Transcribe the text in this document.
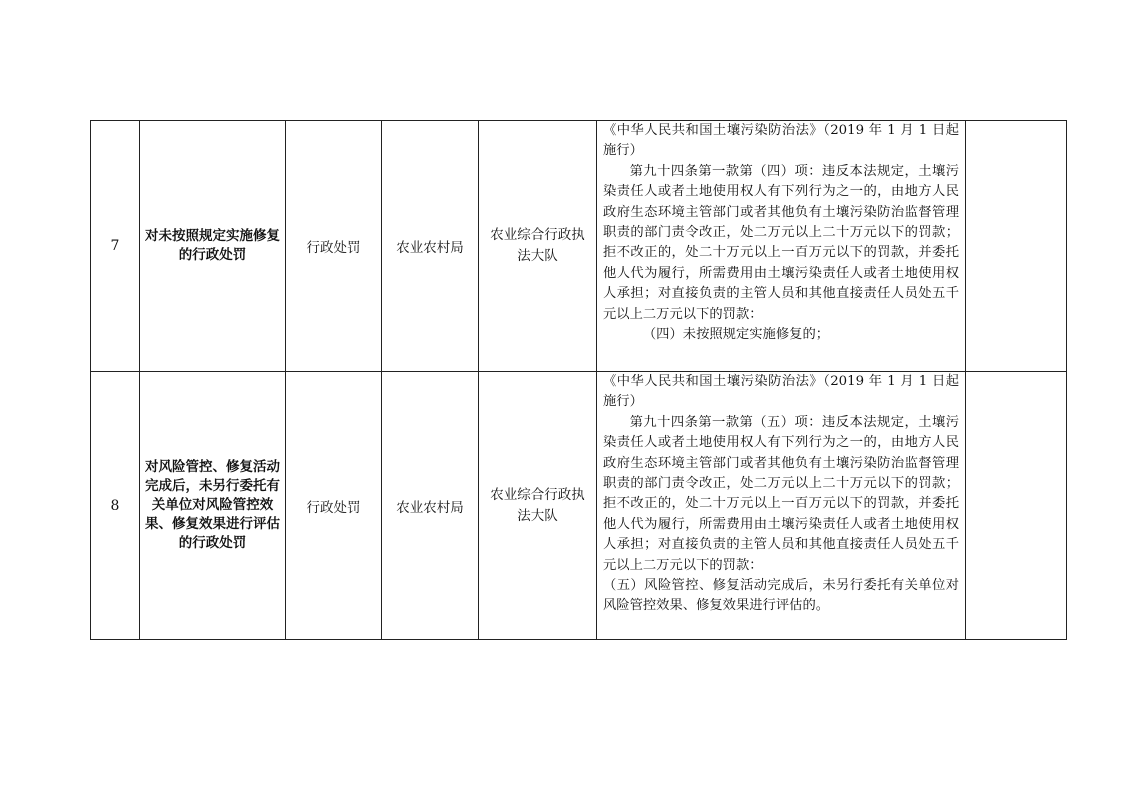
7	对未按照规定实施修复的行政处罚	行政处罚	农业农村局	农业综合行政执法大队	《中华人民共和国土壤污染防治法》（2019 年 1 月 1 日起施行）
第九十四条第一款第（四）项：违反本法规定，土壤污染责任人或者土地使用权人有下列行为之一的，由地方人民政府生态环境主管部门或者其他负有土壤污染防治监督管理职责的部门责令改正，处二万元以上二十万元以下的罚款；拒不改正的，处二十万元以上一百万元以下的罚款，并委托他人代为履行，所需费用由土壤污染责任人或者土地使用权人承担；对直接负责的主管人员和其他直接责任人员处五千元以上二万元以下的罚款：
（四）未按照规定实施修复的；	

8	对风险管控、修复活动完成后，未另行委托有关单位对风险管控效果、修复效果进行评估的行政处罚	行政处罚	农业农村局	农业综合行政执法大队	《中华人民共和国土壤污染防治法》（2019 年 1 月 1 日起施行）
第九十四条第一款第（五）项：违反本法规定，土壤污染责任人或者土地使用权人有下列行为之一的，由地方人民政府生态环境主管部门或者其他负有土壤污染防治监督管理职责的部门责令改正，处二万元以上二十万元以下的罚款；拒不改正的，处二十万元以上一百万元以下的罚款，并委托他人代为履行，所需费用由土壤污染责任人或者土地使用权人承担；对直接负责的主管人员和其他直接责任人员处五千元以上二万元以下的罚款：
（五）风险管控、修复活动完成后，未另行委托有关单位对风险管控效果、修复效果进行评估的。	
